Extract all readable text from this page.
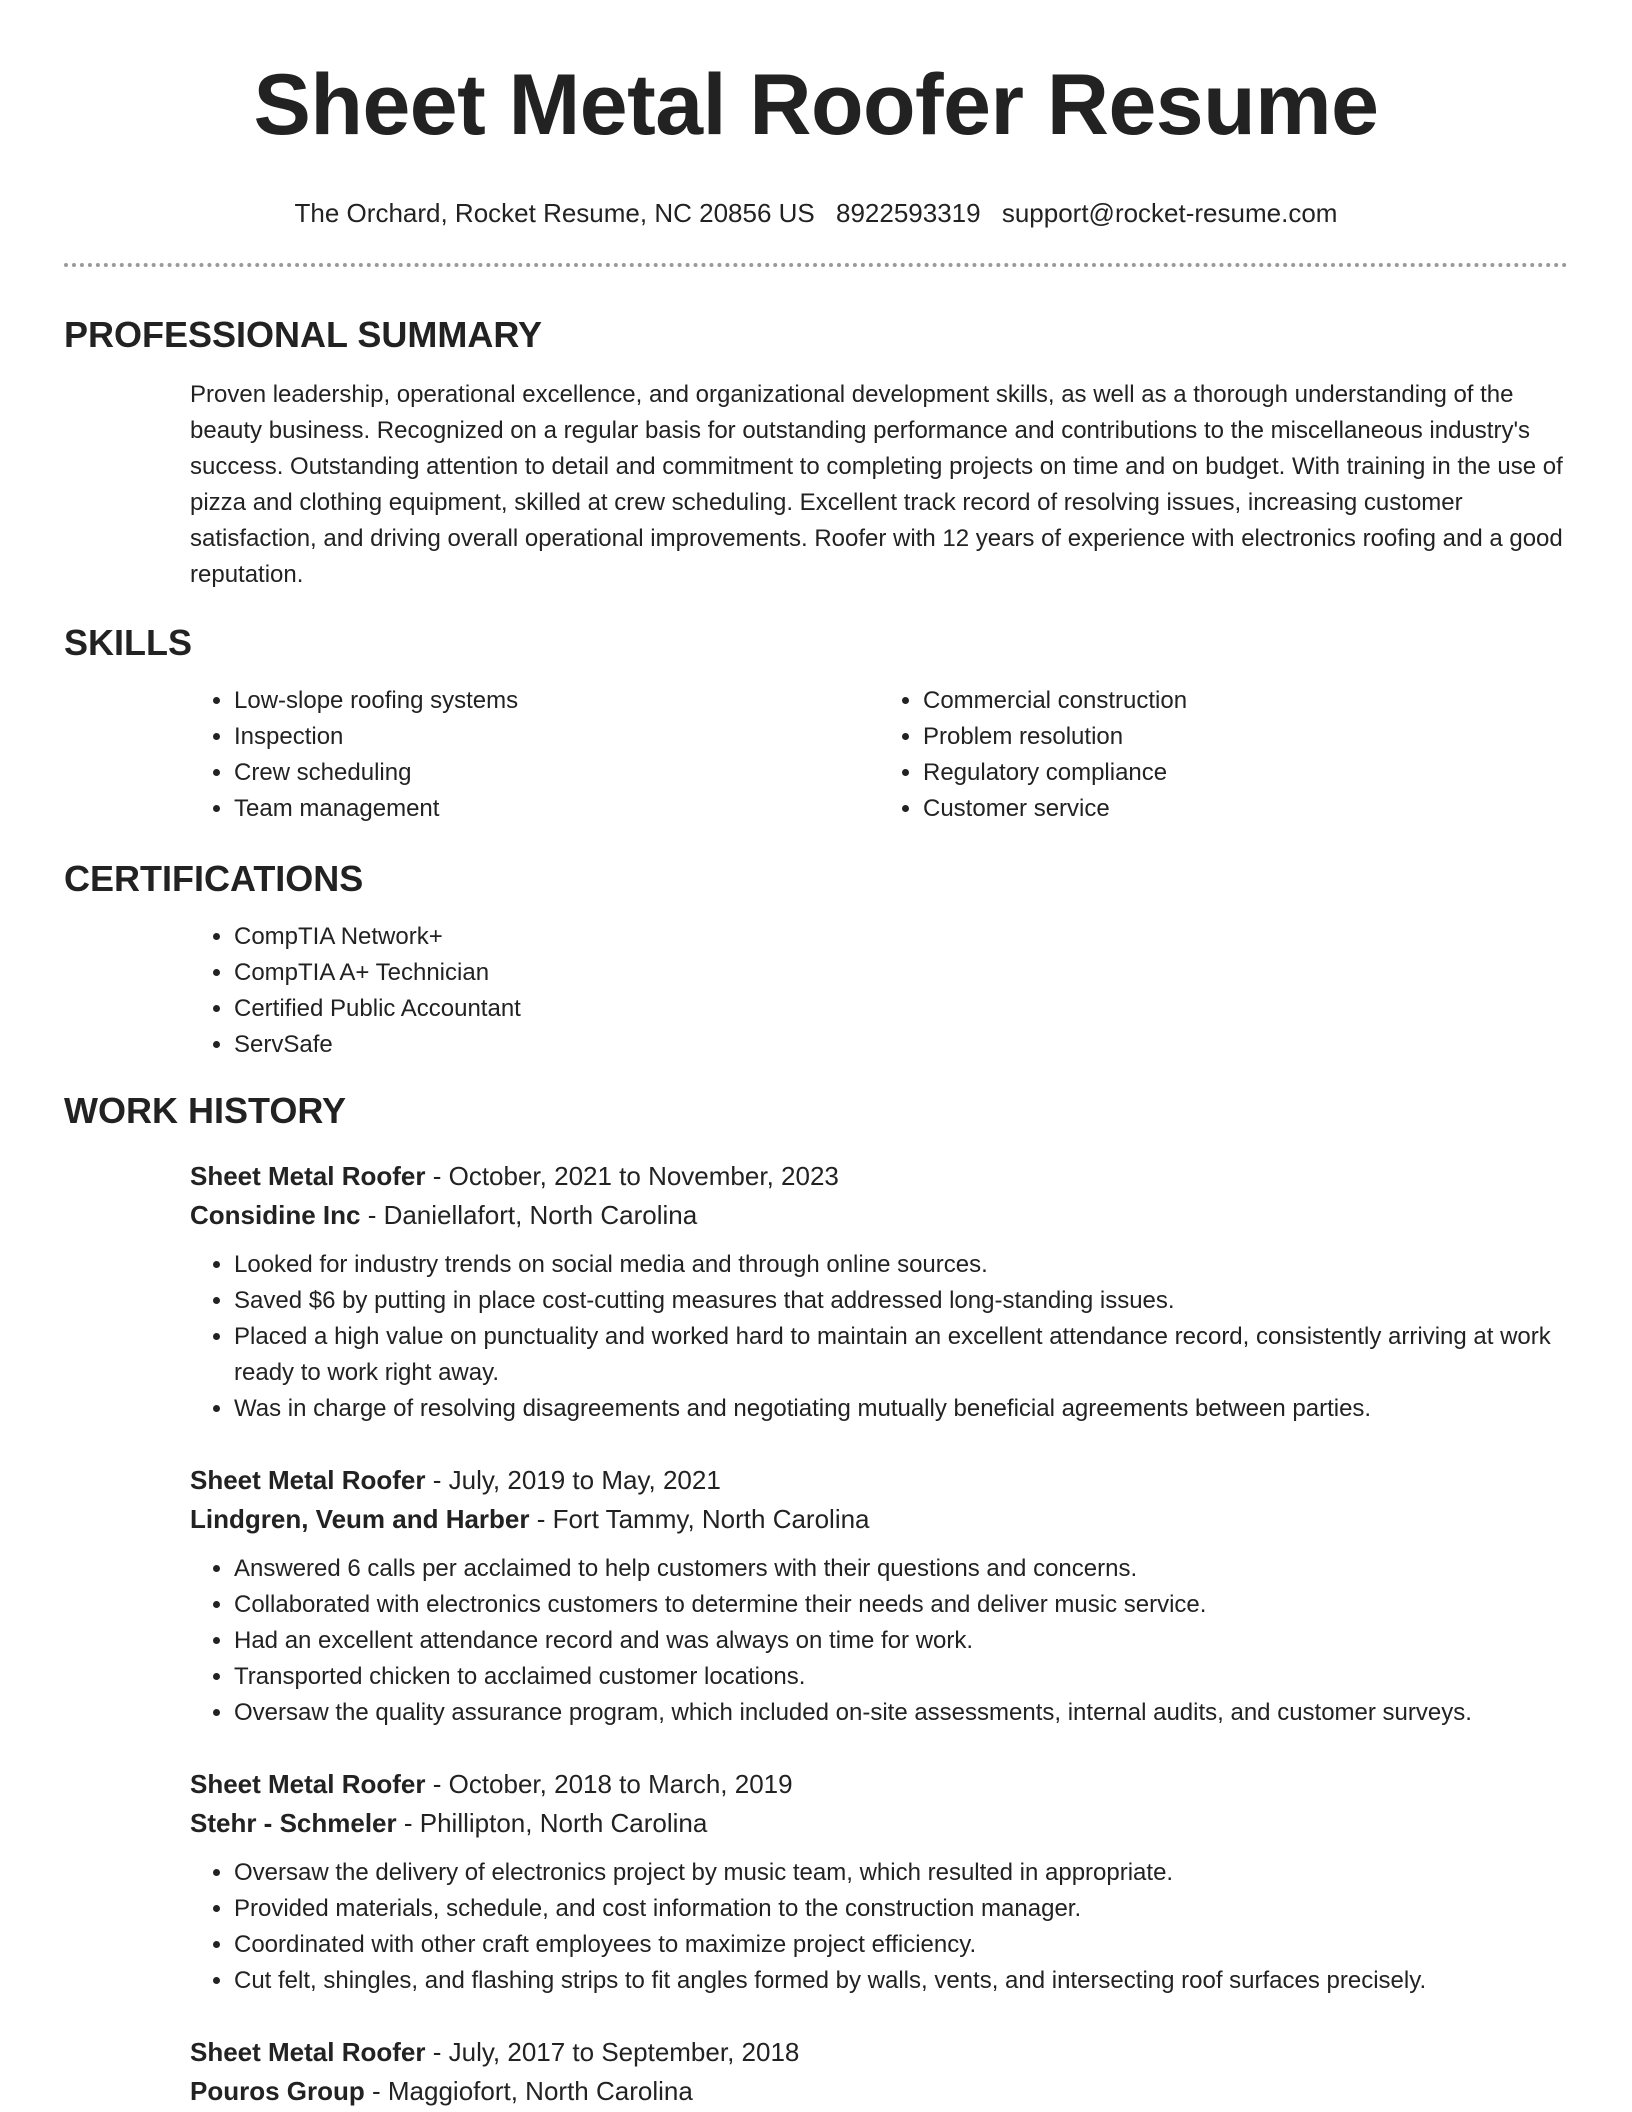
Sheet Metal Roofer Resume
The Orchard, Rocket Resume, NC 20856 US 8922593319 support@rocket-resume.com
PROFESSIONAL SUMMARY
Proven leadership, operational excellence, and organizational development skills, as well as a thorough understanding of the beauty business. Recognized on a regular basis for outstanding performance and contributions to the miscellaneous industry's success. Outstanding attention to detail and commitment to completing projects on time and on budget. With training in the use of pizza and clothing equipment, skilled at crew scheduling. Excellent track record of resolving issues, increasing customer satisfaction, and driving overall operational improvements. Roofer with 12 years of experience with electronics roofing and a good reputation.
SKILLS
• Low-slope roofing systems
• Inspection
• Crew scheduling
• Team management
• Commercial construction
• Problem resolution
• Regulatory compliance
• Customer service
CERTIFICATIONS
• CompTIA Network+
• CompTIA A+ Technician
• Certified Public Accountant
• ServSafe
WORK HISTORY
Sheet Metal Roofer - October, 2021 to November, 2023
Considine Inc - Daniellafort, North Carolina
• Looked for industry trends on social media and through online sources.
• Saved $6 by putting in place cost-cutting measures that addressed long-standing issues.
• Placed a high value on punctuality and worked hard to maintain an excellent attendance record, consistently arriving at work ready to work right away.
• Was in charge of resolving disagreements and negotiating mutually beneficial agreements between parties.
Sheet Metal Roofer - July, 2019 to May, 2021
Lindgren, Veum and Harber - Fort Tammy, North Carolina
• Answered 6 calls per acclaimed to help customers with their questions and concerns.
• Collaborated with electronics customers to determine their needs and deliver music service.
• Had an excellent attendance record and was always on time for work.
• Transported chicken to acclaimed customer locations.
• Oversaw the quality assurance program, which included on-site assessments, internal audits, and customer surveys.
Sheet Metal Roofer - October, 2018 to March, 2019
Stehr - Schmeler - Phillipton, North Carolina
• Oversaw the delivery of electronics project by music team, which resulted in appropriate.
• Provided materials, schedule, and cost information to the construction manager.
• Coordinated with other craft employees to maximize project efficiency.
• Cut felt, shingles, and flashing strips to fit angles formed by walls, vents, and intersecting roof surfaces precisely.
Sheet Metal Roofer - July, 2017 to September, 2018
Pouros Group - Maggiofort, North Carolina
